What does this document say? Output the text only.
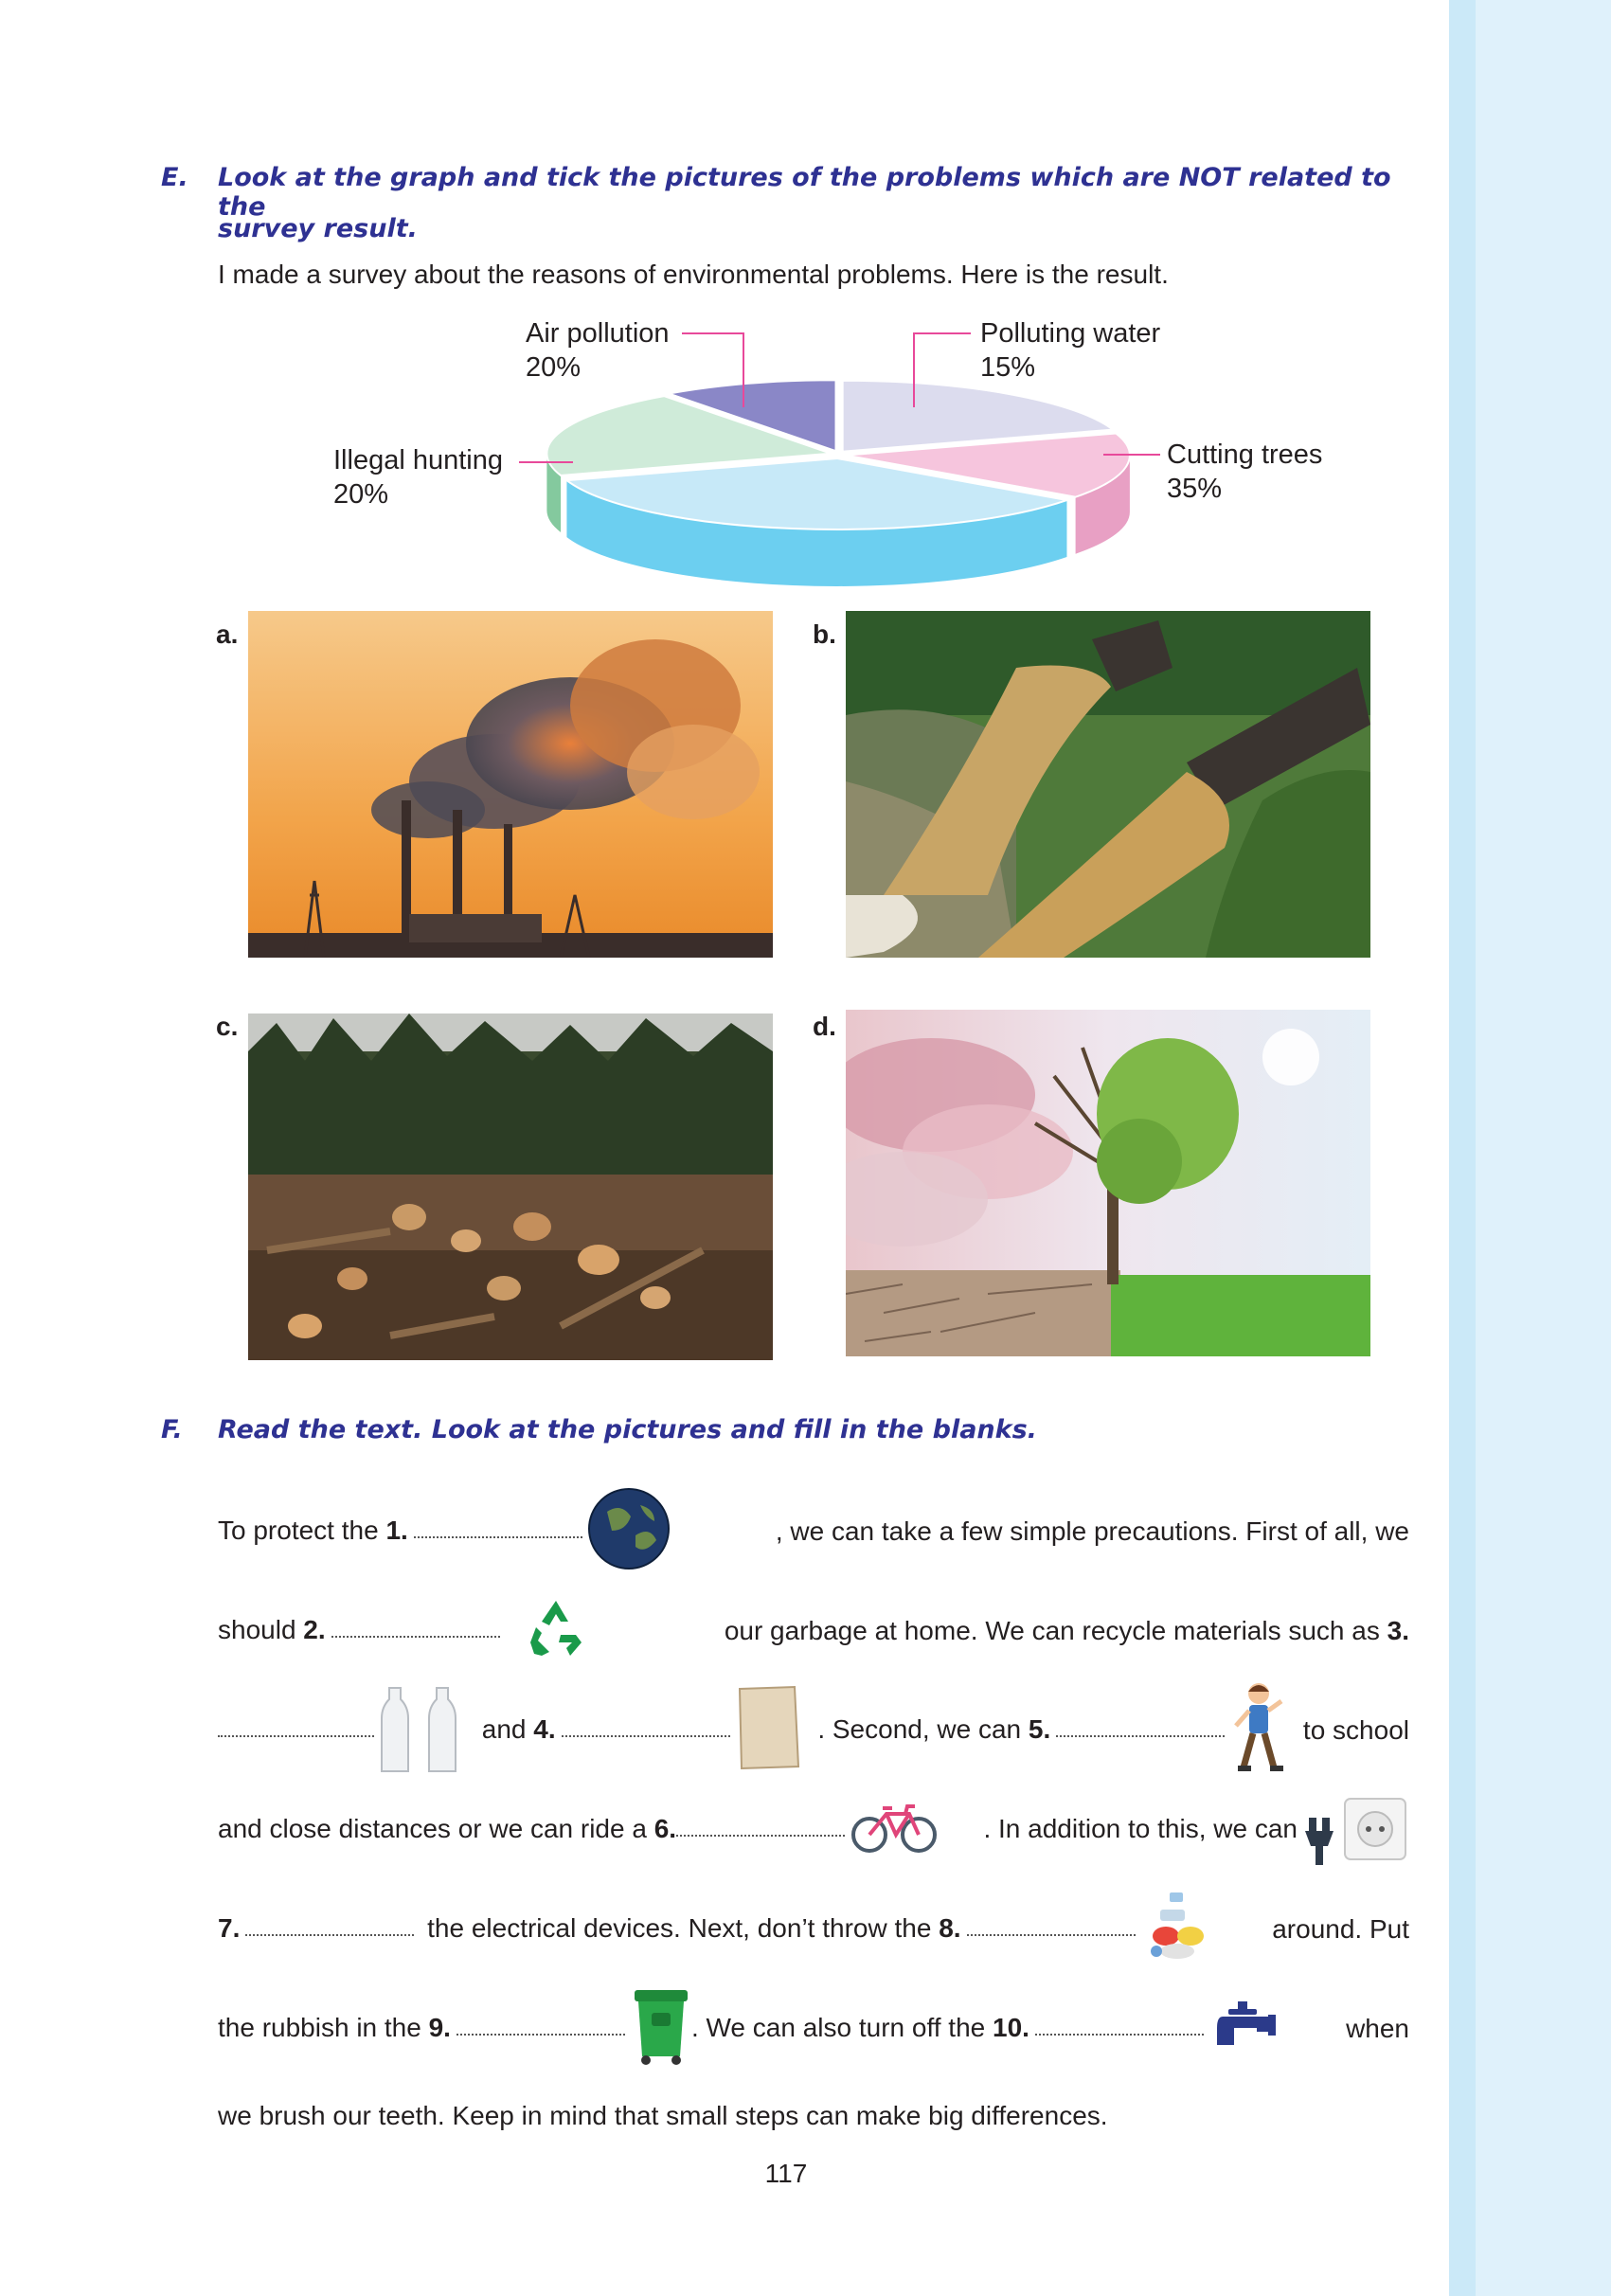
E. Look at the graph and tick the pictures of the problems which are NOT related to the
survey result.
I made a survey about the reasons of environmental problems. Here is the result.
Air pollution
20%
Polluting water
15%
Cutting trees
35%
Illegal hunting
20%
a.	b.
c.	d.
F. Read the text. Look at the pictures and fill in the blanks.
To protect the 1.	, we can take a few simple precautions. First of all, we
should 2.	our garbage at home. We can recycle materials such as 3.
and 4.	. Second, we can 5.	to school
and close distances or we can ride a 6.	. In addition to this, we can
7.	the electrical devices. Next, don’t throw the 8.	around. Put
the rubbish in the 9.	. We can also turn off the 10.	when
we brush our teeth. Keep in mind that small steps can make big differences.
117
